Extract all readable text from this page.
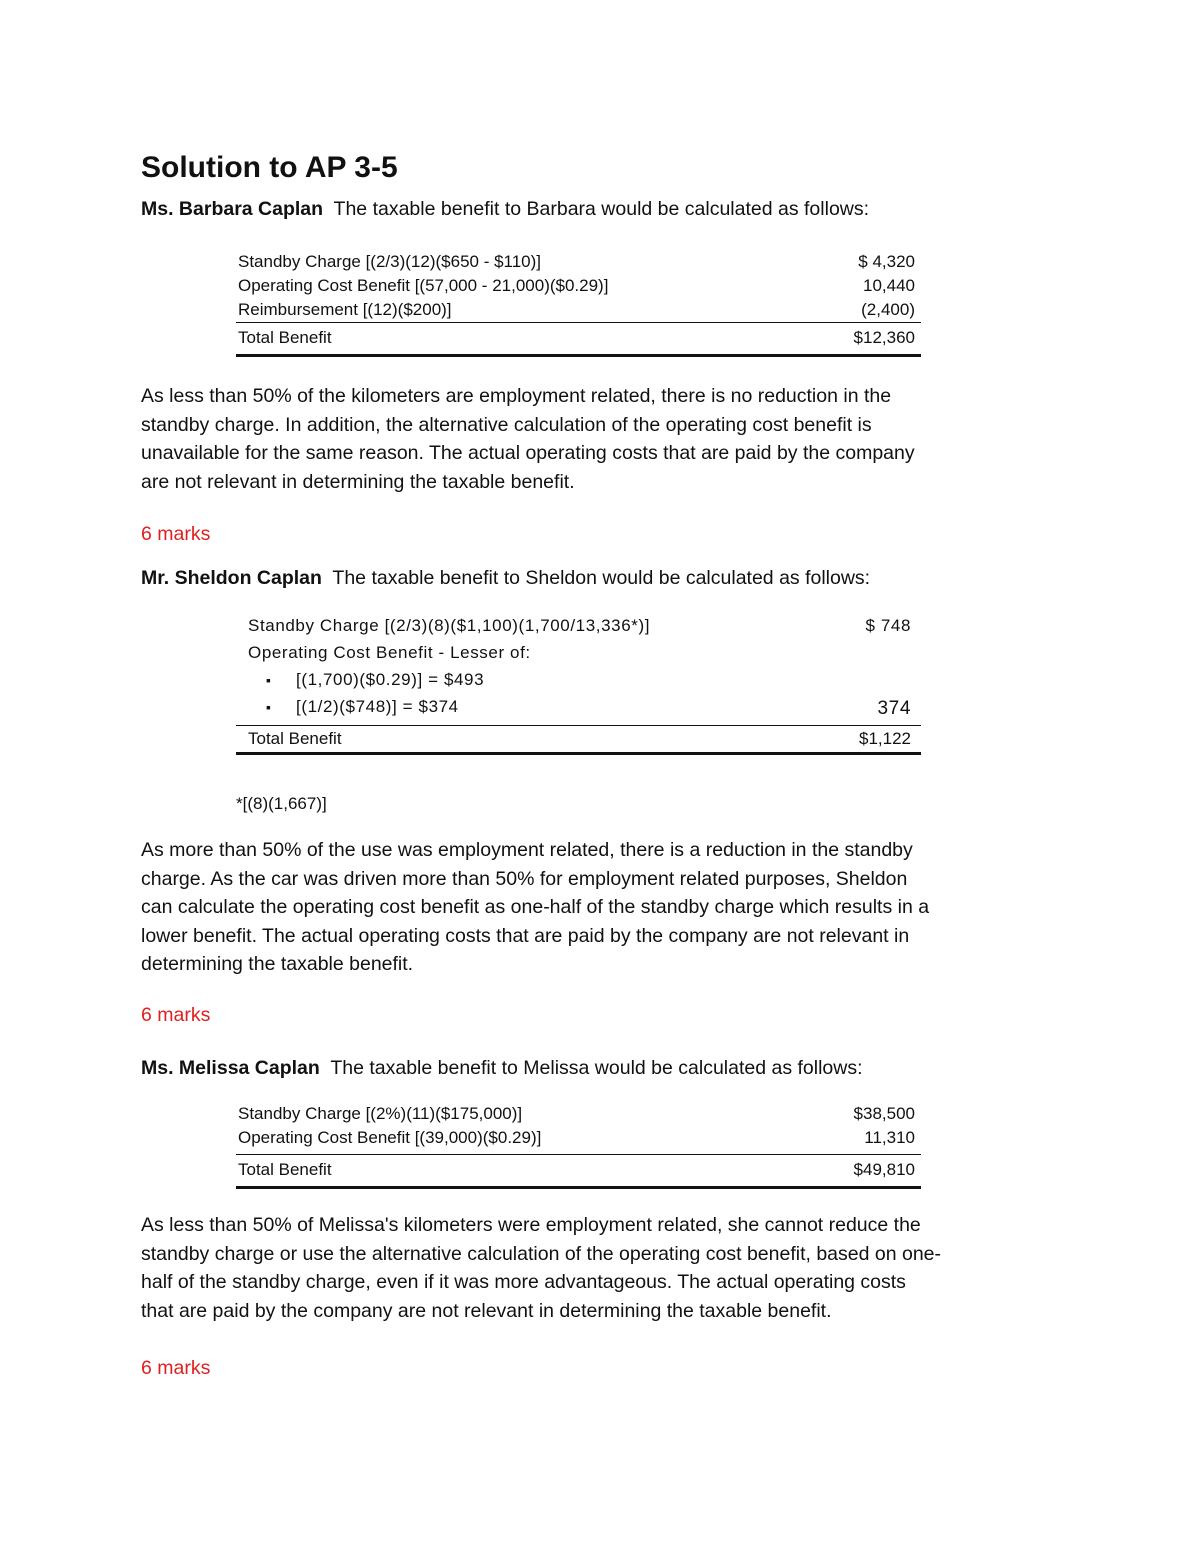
Solution to AP 3-5

Ms. Barbara Caplan The taxable benefit to Barbara would be calculated as follows:

Standby Charge [(2/3)(12)($650 - $110)]	$ 4,320
Operating Cost Benefit [(57,000 - 21,000)($0.29)]	10,440
Reimbursement [(12)($200)]	(2,400)
Total Benefit	$12,360

As less than 50% of the kilometers are employment related, there is no reduction in the
standby charge. In addition, the alternative calculation of the operating cost benefit is
unavailable for the same reason. The actual operating costs that are paid by the company
are not relevant in determining the taxable benefit.

6 marks

Mr. Sheldon Caplan The taxable benefit to Sheldon would be calculated as follows:

Standby Charge [(2/3)(8)($1,100)(1,700/13,336*)]	$ 748
Operating Cost Benefit - Lesser of:
▪ [(1,700)($0.29)] = $493
▪ [(1/2)($748)] = $374	374
Total Benefit	$1,122

*[(8)(1,667)]

As more than 50% of the use was employment related, there is a reduction in the standby
charge. As the car was driven more than 50% for employment related purposes, Sheldon
can calculate the operating cost benefit as one-half of the standby charge which results in a
lower benefit. The actual operating costs that are paid by the company are not relevant in
determining the taxable benefit.

6 marks

Ms. Melissa Caplan The taxable benefit to Melissa would be calculated as follows:

Standby Charge [(2%)(11)($175,000)]	$38,500
Operating Cost Benefit [(39,000)($0.29)]	11,310
Total Benefit	$49,810

As less than 50% of Melissa's kilometers were employment related, she cannot reduce the
standby charge or use the alternative calculation of the operating cost benefit, based on one-
half of the standby charge, even if it was more advantageous. The actual operating costs
that are paid by the company are not relevant in determining the taxable benefit.

6 marks
